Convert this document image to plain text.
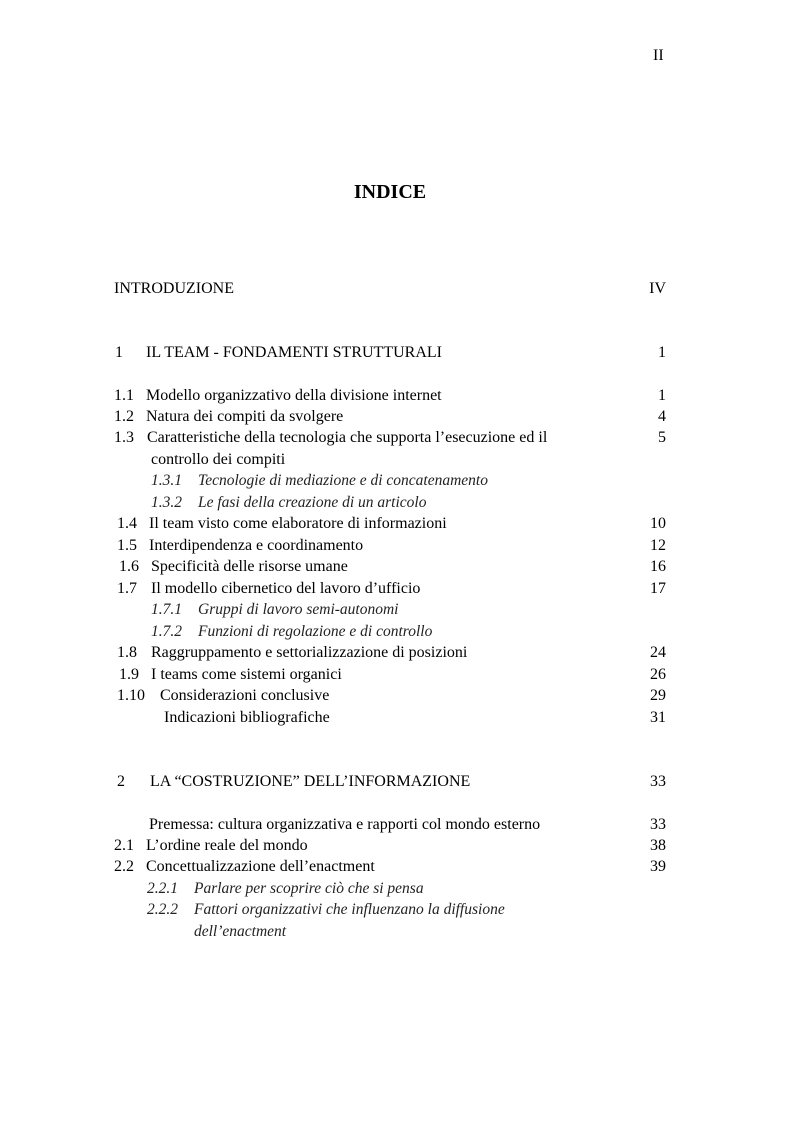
II
INDICE
INTRODUZIONE	IV
1 IL TEAM - FONDAMENTI STRUTTURALI	1
1.1 Modello organizzativo della divisione internet	1
1.2 Natura dei compiti da svolgere	4
1.3 Caratteristiche della tecnologia che supporta l’esecuzione ed il	5
controllo dei compiti
1.3.1 Tecnologie di mediazione e di concatenamento
1.3.2 Le fasi della creazione di un articolo
1.4 Il team visto come elaboratore di informazioni	10
1.5 Interdipendenza e coordinamento	12
1.6 Specificità delle risorse umane	16
1.7 Il modello cibernetico del lavoro d’ufficio	17
1.7.1 Gruppi di lavoro semi-autonomi
1.7.2 Funzioni di regolazione e di controllo
1.8 Raggruppamento e settorializzazione di posizioni	24
1.9 I teams come sistemi organici	26
1.10 Considerazioni conclusive	29
Indicazioni bibliografiche	31
2 LA “COSTRUZIONE” DELL’INFORMAZIONE	33
Premessa: cultura organizzativa e rapporti col mondo esterno	33
2.1 L’ordine reale del mondo	38
2.2 Concettualizzazione dell’enactment	39
2.2.1 Parlare per scoprire ciò che si pensa
2.2.2 Fattori organizzativi che influenzano la diffusione
dell’enactment
